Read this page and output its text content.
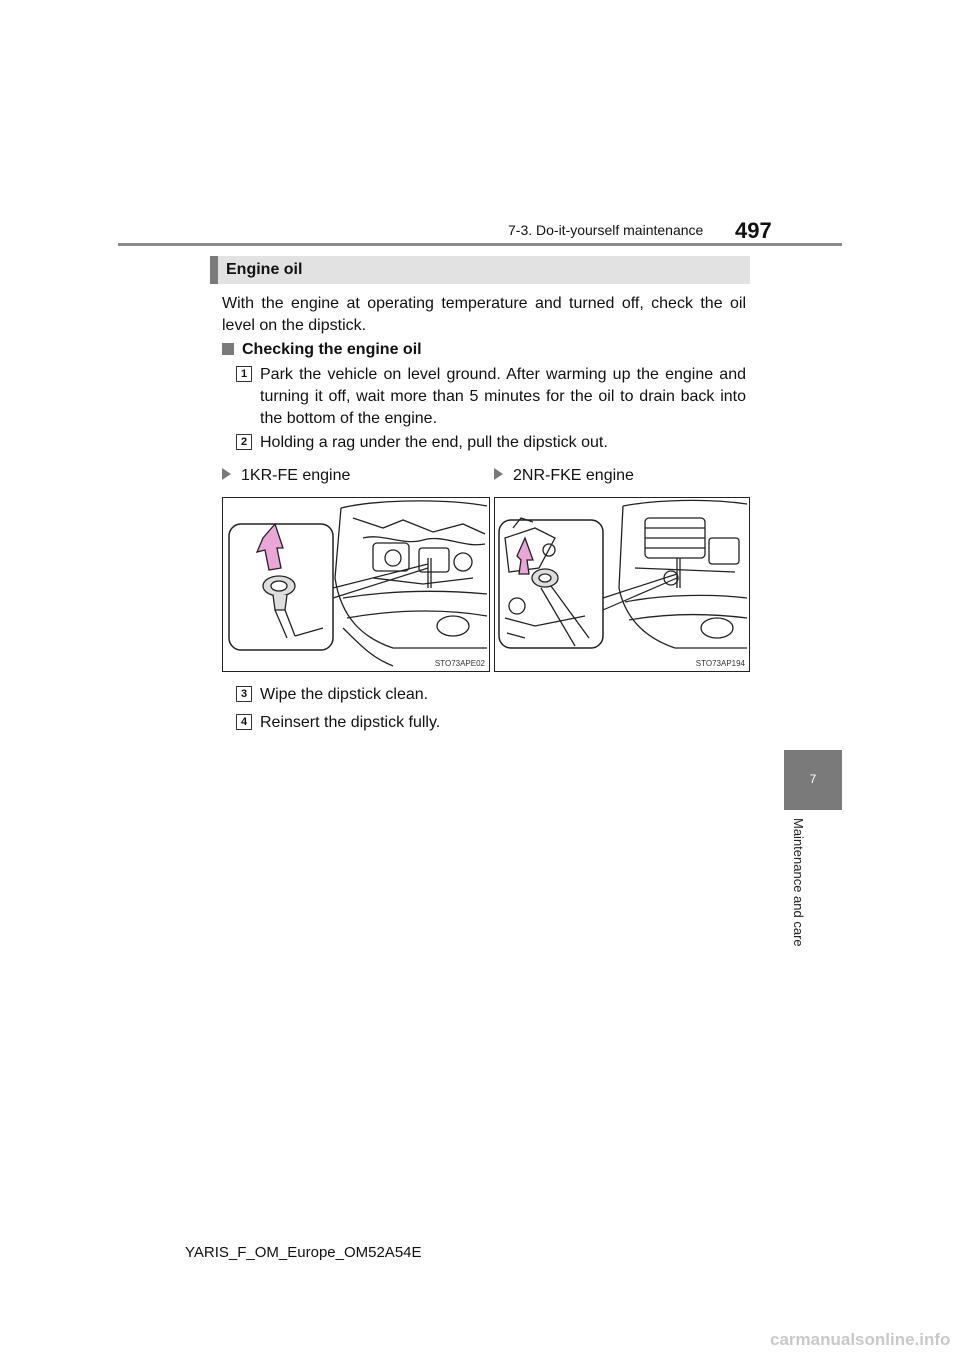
7-3. Do-it-yourself maintenance 497
7
Maintenance and care
Engine oil
With the engine at operating temperature and turned off, check the oil level on the dipstick.
Checking the engine oil
1 Park the vehicle on level ground. After warming up the engine and turning it off, wait more than 5 minutes for the oil to drain back into the bottom of the engine.
2 Holding a rag under the end, pull the dipstick out.
1KR-FE engine	2NR-FKE engine
STO73APE02	STO73AP194
3 Wipe the dipstick clean.
4 Reinsert the dipstick fully.
YARIS_F_OM_Europe_OM52A54E
carmanualsonline.info
